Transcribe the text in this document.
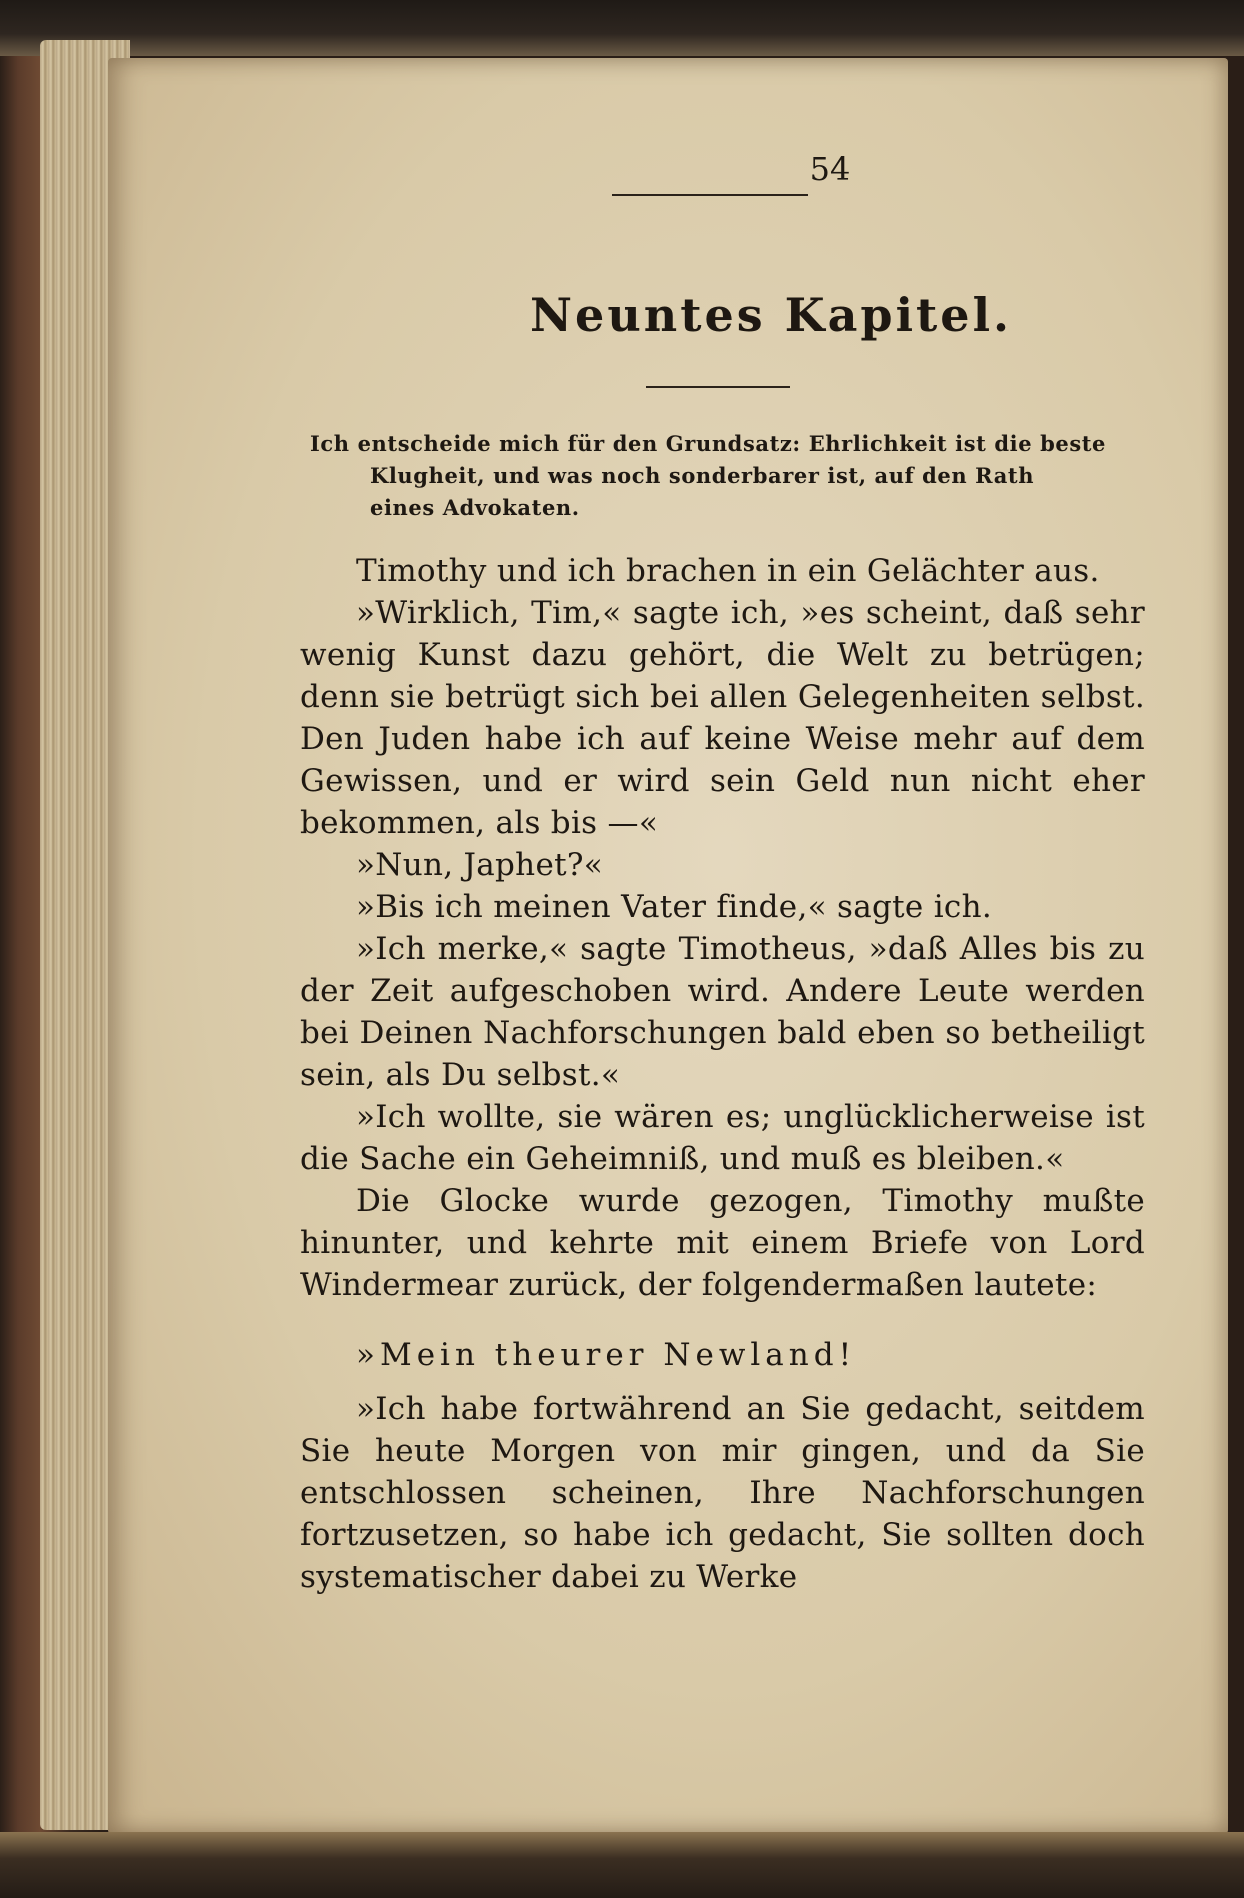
54
Neuntes Kapitel.
Ich entscheide mich für den Grundsatz: Ehrlichkeit ist die beste
Klugheit, und was noch sonderbarer ist, auf den Rath
eines Advokaten.

Timothy und ich brachen in ein Gelächter aus.

»Wirklich, Tim,« sagte ich, »es scheint, daß sehr wenig Kunst dazu gehört, die Welt zu betrügen; denn sie betrügt sich bei allen Gelegenheiten selbst. Den Juden habe ich auf keine Weise mehr auf dem Gewissen, und er wird sein Geld nun nicht eher bekommen, als bis —«

»Nun, Japhet?«

»Bis ich meinen Vater finde,« sagte ich.

»Ich merke,« sagte Timotheus, »daß Alles bis zu der Zeit aufgeschoben wird. Andere Leute werden bei Deinen Nachforschungen bald eben so betheiligt sein, als Du selbst.«

»Ich wollte, sie wären es; unglücklicherweise ist die Sache ein Geheimniß, und muß es bleiben.«

Die Glocke wurde gezogen, Timothy mußte hinunter, und kehrte mit einem Briefe von Lord Windermear zurück, der folgendermaßen lautete:

»Mein theurer Newland!

»Ich habe fortwährend an Sie gedacht, seitdem Sie heute Morgen von mir gingen, und da Sie entschlossen scheinen, Ihre Nachforschungen fortzusetzen, so habe ich gedacht, Sie sollten doch systematischer dabei zu Werke
